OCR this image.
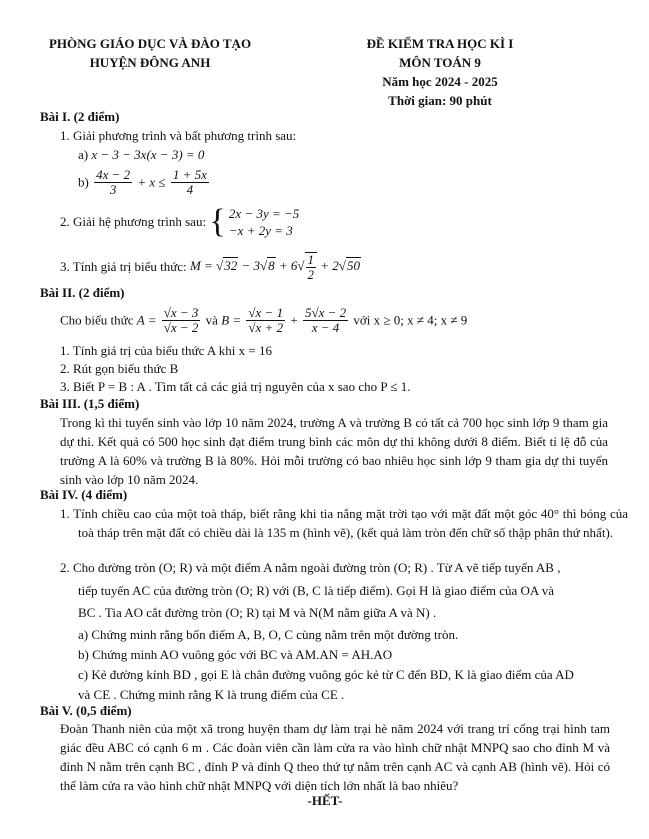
PHÒNG GIÁO DỤC VÀ ĐÀO TẠO
HUYỆN ĐÔNG ANH
ĐỀ KIỂM TRA HỌC KÌ I
MÔN TOÁN 9
Năm học 2024 - 2025
Thời gian: 90 phút
Bài I. (2 điểm)
1. Giải phương trình và bất phương trình sau:
a) x − 3 − 3x(x − 3) = 0
$b) \frac{4x - 2}{3} + x \le \frac{1 + 5x}{4}$
2. Giải hệ phương trình sau: { 2x − 3y = −5
−x + 2y = 3
3. Tính giá trị biểu thức: $M = √32 - 3√8 + 6√ \frac{1}{2} + 2√50$
Bài II. (2 điểm)
Cho biểu thức $A = \frac{√x - 3}{√x - 2}$ và $B = \frac{√x - 1}{√x + 2} + \frac{5√x - 2}{x - 4}$ với x ≥ 0; x ≠ 4; x ≠ 9
1. Tính giá trị của biểu thức A khi x = 16
2. Rút gọn biểu thức B
3. Biết P = B : A . Tìm tất cả các giá trị nguyên của x sao cho P ≤ 1.
Bài III. (1,5 điểm)
Trong kì thi tuyển sinh vào lớp 10 năm 2024, trường A và trường B có tất cả 700 học sinh lớp 9 tham gia dự thi. Kết quả có 500 học sinh đạt điểm trung bình các môn dự thi không dưới 8 điểm. Biết tỉ lệ đỗ của trường A là 60% và trường B là 80%. Hỏi mỗi trường có bao nhiêu học sinh lớp 9 tham gia dự thi tuyển sinh vào lớp 10 năm 2024.
Bài IV. (4 điểm)
1. Tính chiều cao của một toà tháp, biết rằng khi tia nắng mặt trời tạo với mặt đất một góc 40° thì bóng của toà tháp trên mặt đất có chiều dài là 135 m (hình vẽ), (kết quả làm tròn đến chữ số thập phân thứ nhất).
2. Cho đường tròn (O; R) và một điểm A nằm ngoài đường tròn (O; R) . Từ A vẽ tiếp tuyến AB ,
tiếp tuyến AC của đường tròn (O; R) với (B, C là tiếp điểm). Gọi H là giao điểm của OA và
BC . Tia AO cắt đường tròn (O; R) tại M và N(M nằm giữa A và N) .
a) Chứng minh rằng bốn điểm A, B, O, C cùng nằm trên một đường tròn.
b) Chứng minh AO vuông góc với BC và AM.AN = AH.AO
c) Kẻ đường kính BD , gọi E là chân đường vuông góc kẻ từ C đến BD, K là giao điểm của AD
và CE . Chứng minh rằng K là trung điểm của CE .
Bài V. (0,5 điểm)
Đoàn Thanh niên của một xã trong huyện tham dự làm trại hè năm 2024 với trang trí cổng trại hình tam giác đều ABC có cạnh 6 m . Các đoàn viên cần làm cửa ra vào hình chữ nhật MNPQ sao cho đỉnh M và đỉnh N nằm trên cạnh BC , đỉnh P và đỉnh Q theo thứ tự nằm trên cạnh AC và cạnh AB (hình vẽ). Hỏi có thể làm cửa ra vào hình chữ nhật MNPQ với diện tích lớn nhất là bao nhiêu?
-HẾT-
